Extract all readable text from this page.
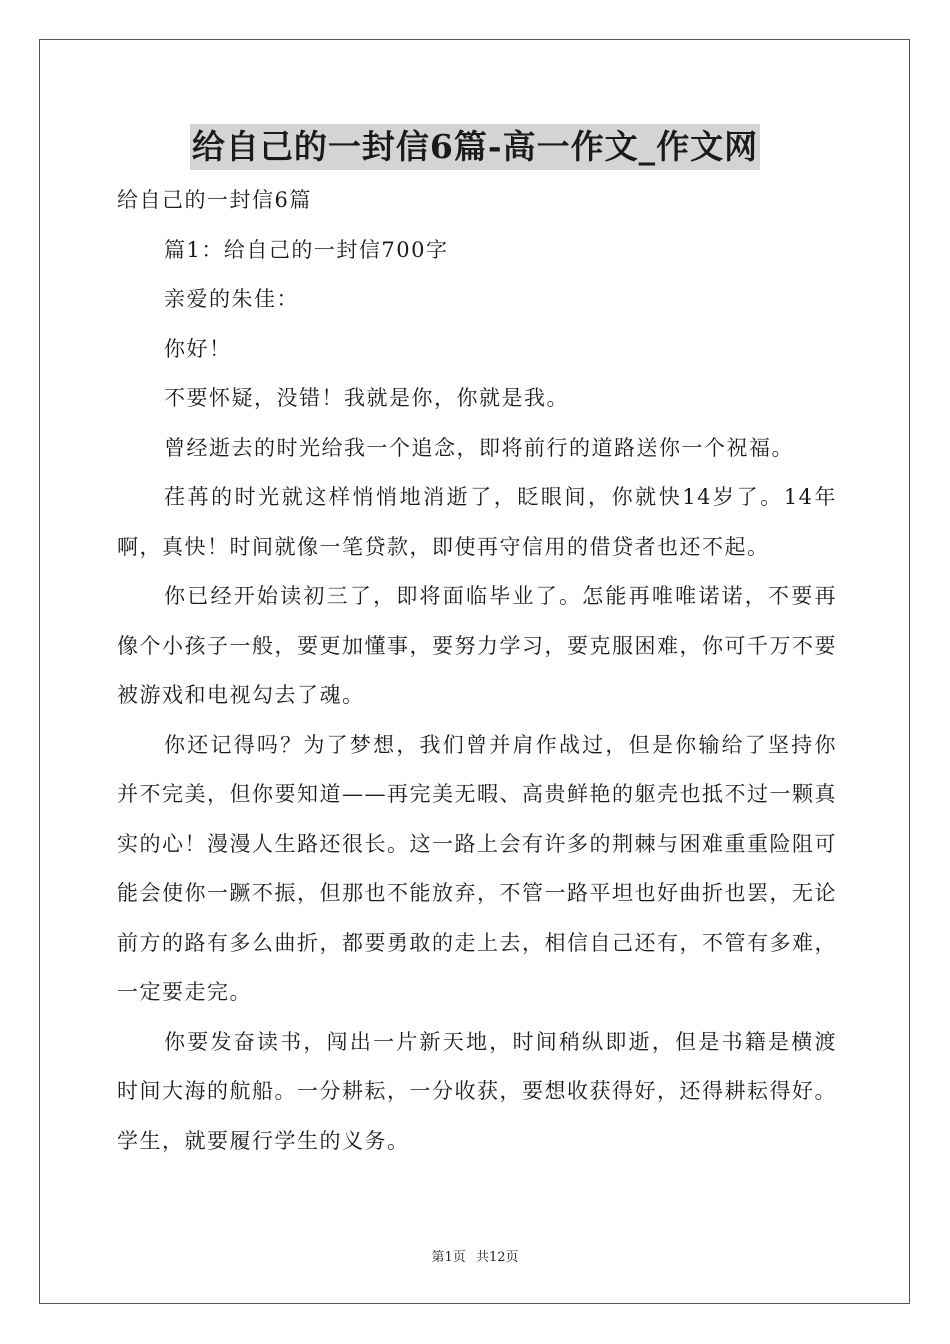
给自己的一封信6篇-高一作文_作文网

给自己的一封信6篇

篇1：给自己的一封信700字

亲爱的朱佳：

你好！

不要怀疑，没错！我就是你，你就是我。

曾经逝去的时光给我一个追念，即将前行的道路送你一个祝福。

荏苒的时光就这样悄悄地消逝了，眨眼间，你就快14岁了。14年啊，真快！时间就像一笔贷款，即使再守信用的借贷者也还不起。

你已经开始读初三了，即将面临毕业了。怎能再唯唯诺诺，不要再像个小孩子一般，要更加懂事，要努力学习，要克服困难，你可千万不要被游戏和电视勾去了魂。

你还记得吗？为了梦想，我们曾并肩作战过，但是你输给了坚持你并不完美，但你要知道——再完美无暇、高贵鲜艳的躯壳也抵不过一颗真实的心！漫漫人生路还很长。这一路上会有许多的荆棘与困难重重险阻可能会使你一蹶不振，但那也不能放弃，不管一路平坦也好曲折也罢，无论前方的路有多么曲折，都要勇敢的走上去，相信自己还有，不管有多难，一定要走完。

你要发奋读书，闯出一片新天地，时间稍纵即逝，但是书籍是横渡时间大海的航船。一分耕耘，一分收获，要想收获得好，还得耕耘得好。学生，就要履行学生的义务。

第1页 共12页
